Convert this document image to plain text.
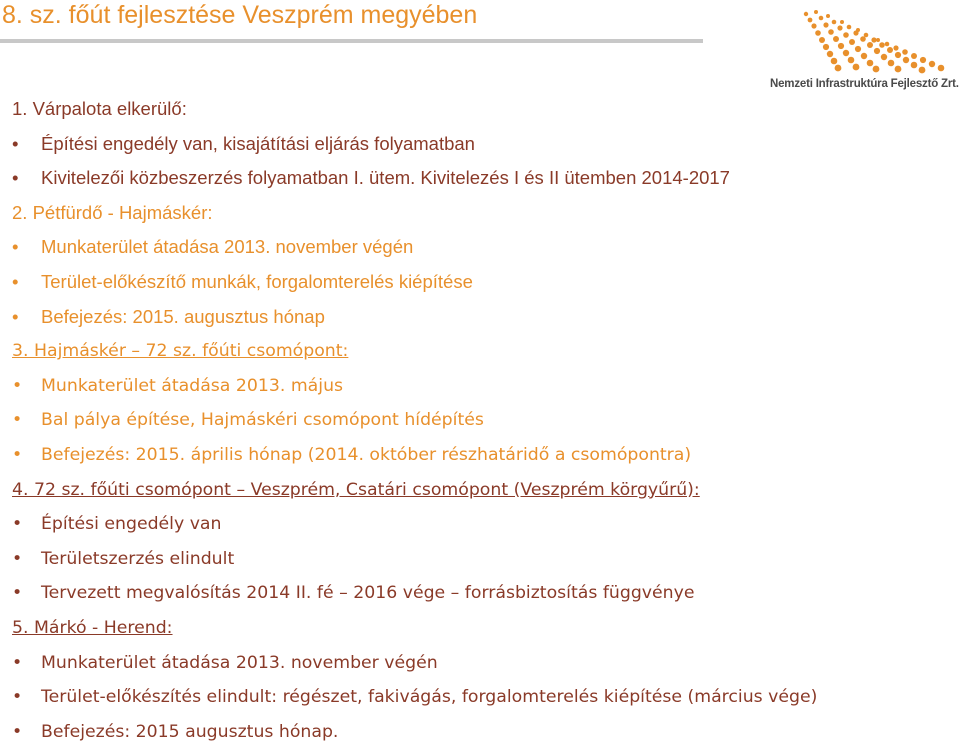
8. sz. főút fejlesztése Veszprém megyében
Nemzeti Infrastruktúra Fejlesztő Zrt.
1. Várpalota elkerülő:
•	Építési engedély van, kisajátítási eljárás folyamatban
•	Kivitelezői közbeszerzés folyamatban I. ütem. Kivitelezés I és II ütemben 2014-2017
2. Pétfürdő - Hajmáskér:
•	Munkaterület átadása 2013. november végén
•	Terület-előkészítő munkák, forgalomterelés kiépítése
•	Befejezés: 2015. augusztus hónap
3. Hajmáskér – 72 sz. főúti csomópont:
•	Munkaterület átadása 2013. május
•	Bal pálya építése, Hajmáskéri csomópont hídépítés
•	Befejezés: 2015. április hónap (2014. október részhatáridő a csomópontra)
4. 72 sz. főúti csomópont – Veszprém, Csatári csomópont (Veszprém körgyűrű):
•	Építési engedély van
•	Területszerzés elindult
•	Tervezett megvalósítás 2014 II. fé – 2016 vége – forrásbiztosítás függvénye
5. Márkó - Herend:
•	Munkaterület átadása 2013. november végén
•	Terület-előkészítés elindult: régészet, fakivágás, forgalomterelés kiépítése (március vége)
•	Befejezés: 2015 augusztus hónap.
